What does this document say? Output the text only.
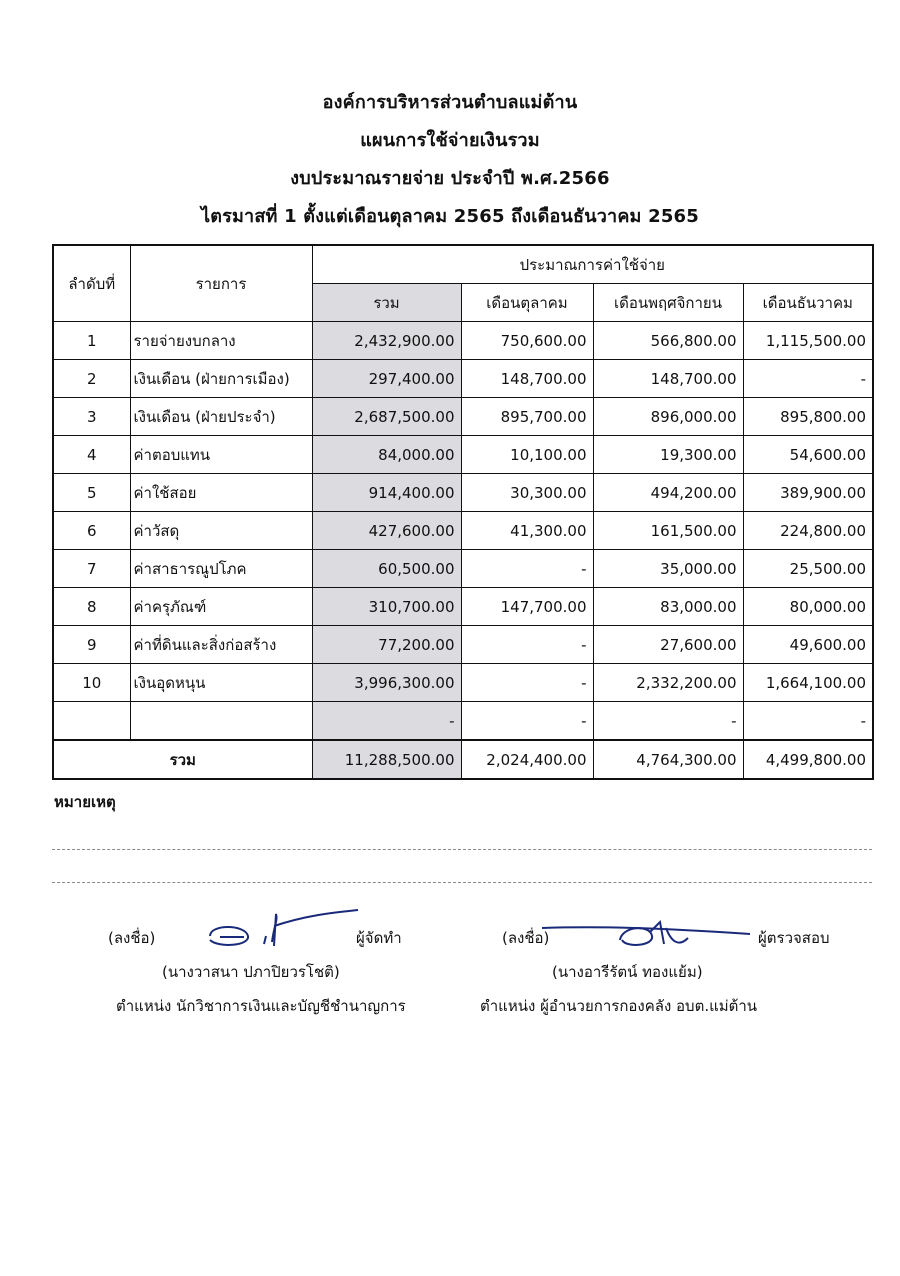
องค์การบริหารส่วนตำบลแม่ต้าน
แผนการใช้จ่ายเงินรวม
งบประมาณรายจ่าย ประจำปี พ.ศ.2566
ไตรมาสที่ 1 ตั้งแต่เดือนตุลาคม 2565 ถึงเดือนธันวาคม 2565
ลำดับที่	รายการ	ประมาณการค่าใช้จ่าย			
		รวม	เดือนตุลาคม	เดือนพฤศจิกายน	เดือนธันวาคม
1	รายจ่ายงบกลาง	2,432,900.00	750,600.00	566,800.00	1,115,500.00
2	เงินเดือน (ฝ่ายการเมือง)	297,400.00	148,700.00	148,700.00	-
3	เงินเดือน (ฝ่ายประจำ)	2,687,500.00	895,700.00	896,000.00	895,800.00
4	ค่าตอบแทน	84,000.00	10,100.00	19,300.00	54,600.00
5	ค่าใช้สอย	914,400.00	30,300.00	494,200.00	389,900.00
6	ค่าวัสดุ	427,600.00	41,300.00	161,500.00	224,800.00
7	ค่าสาธารณูปโภค	60,500.00	-	35,000.00	25,500.00
8	ค่าครุภัณฑ์	310,700.00	147,700.00	83,000.00	80,000.00
9	ค่าที่ดินและสิ่งก่อสร้าง	77,200.00	-	27,600.00	49,600.00
10	เงินอุดหนุน	3,996,300.00	-	2,332,200.00	1,664,100.00
		-	-	-	-
รวม		11,288,500.00	2,024,400.00	4,764,300.00	4,499,800.00
หมายเหตุ
(ลงชื่อ)	ผู้จัดทำ
(นางวาสนา ปภาปิยวรโชติ)
ตำแหน่ง นักวิชาการเงินและบัญชีชำนาญการ
(ลงชื่อ)	ผู้ตรวจสอบ
(นางอารีรัตน์ ทองแย้ม)
ตำแหน่ง ผู้อำนวยการกองคลัง อบต.แม่ต้าน
